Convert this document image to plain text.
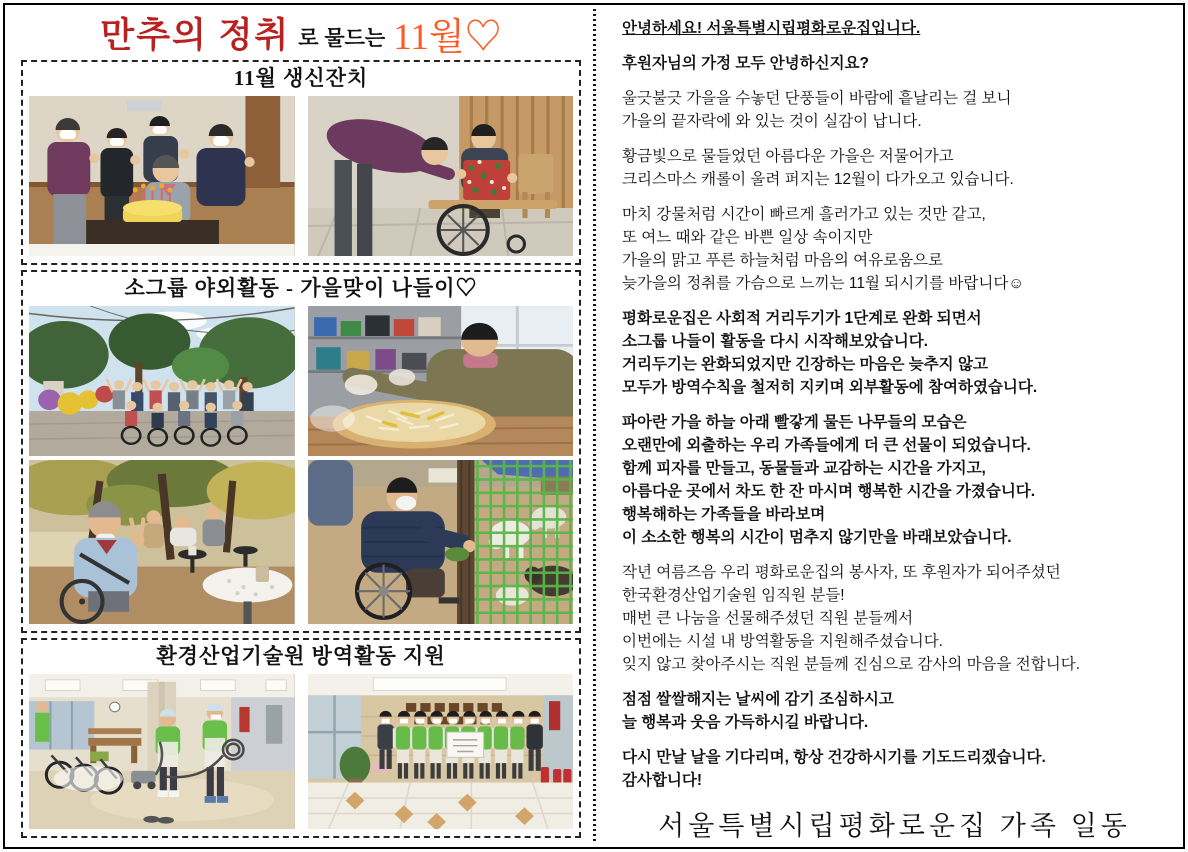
만추의 정취 로 물드는 11월♡
11월 생신잔치
소그룹 야외활동 - 가을맞이 나들이♡
환경산업기술원 방역활동 지원
안녕하세요! 서울특별시립평화로운집입니다.
후원자님의 가정 모두 안녕하신지요?
울긋불긋 가을을 수놓던 단풍들이 바람에 흩날리는 걸 보니
가을의 끝자락에 와 있는 것이 실감이 납니다.
황금빛으로 물들었던 아름다운 가을은 저물어가고
크리스마스 캐롤이 울려 퍼지는 12월이 다가오고 있습니다.
마치 강물처럼 시간이 빠르게 흘러가고 있는 것만 같고,
또 여느 때와 같은 바쁜 일상 속이지만
가을의 맑고 푸른 하늘처럼 마음의 여유로움으로
늦가을의 정취를 가슴으로 느끼는 11월 되시기를 바랍니다☺
평화로운집은 사회적 거리두기가 1단계로 완화 되면서
소그룹 나들이 활동을 다시 시작해보았습니다.
거리두기는 완화되었지만 긴장하는 마음은 늦추지 않고
모두가 방역수칙을 철저히 지키며 외부활동에 참여하였습니다.
파아란 가을 하늘 아래 빨갛게 물든 나무들의 모습은
오랜만에 외출하는 우리 가족들에게 더 큰 선물이 되었습니다.
함께 피자를 만들고, 동물들과 교감하는 시간을 가지고,
아름다운 곳에서 차도 한 잔 마시며 행복한 시간을 가졌습니다.
행복해하는 가족들을 바라보며
이 소소한 행복의 시간이 멈추지 않기만을 바래보았습니다.
작년 여름즈음 우리 평화로운집의 봉사자, 또 후원자가 되어주셨던
한국환경산업기술원 임직원 분들!
매번 큰 나눔을 선물해주셨던 직원 분들께서
이번에는 시설 내 방역활동을 지원해주셨습니다.
잊지 않고 찾아주시는 직원 분들께 진심으로 감사의 마음을 전합니다.
점점 쌀쌀해지는 날씨에 감기 조심하시고
늘 행복과 웃음 가득하시길 바랍니다.
다시 만날 날을 기다리며, 항상 건강하시기를 기도드리겠습니다.
감사합니다!
서울특별시립평화로운집 가족 일동
